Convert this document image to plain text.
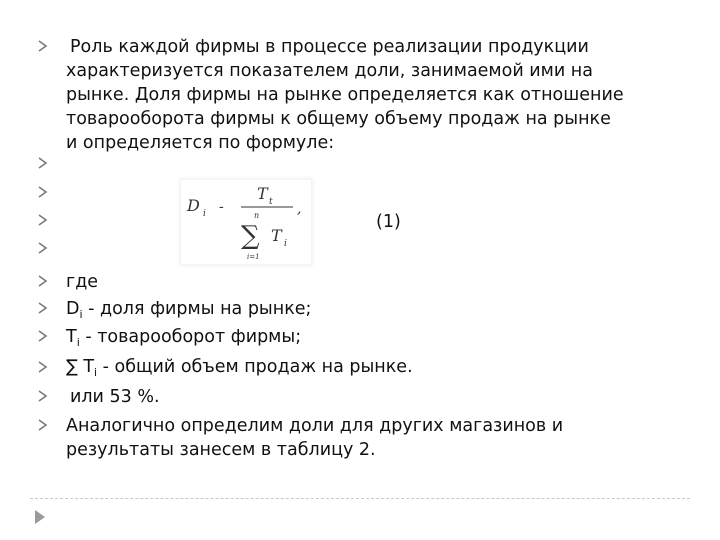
Роль каждой фирмы в процессе реализации продукции
характеризуется показателем доли, занимаемой ими на
рынке. Доля фирмы на рынке определяется как отношение
товарооборота фирмы к общему объему продаж на рынке
и определяется по формуле:
D i -
T t ,
n
∑
i=1
T i
(1)
где
$D_i$ - доля фирмы на рынке;
$T_i$ - товарооборот фирмы;
∑ $T_i$ - общий объем продаж на рынке.
или 53 %.
Аналогично определим доли для других магазинов и
результаты занесем в таблицу 2.
